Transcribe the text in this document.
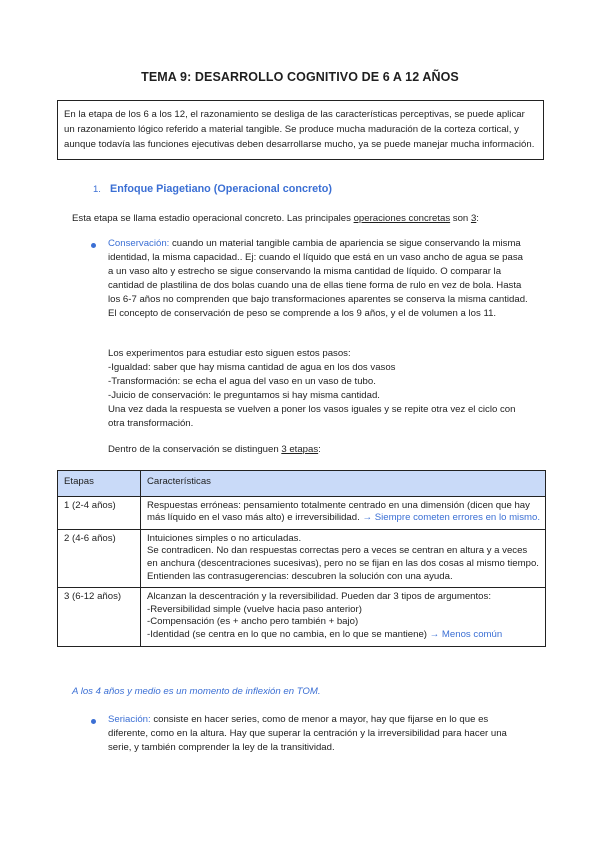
TEMA 9: DESARROLLO COGNITIVO DE 6 A 12 AÑOS
En la etapa de los 6 a los 12, el razonamiento se desliga de las características perceptivas, se puede aplicar un razonamiento lógico referido a material tangible. Se produce mucha maduración de la corteza cortical, y aunque todavía las funciones ejecutivas deben desarrollarse mucho, ya se puede manejar mucha información.
1. Enfoque Piagetiano (Operacional concreto)
Esta etapa se llama estadio operacional concreto. Las principales operaciones concretas son 3:
Conservación: cuando un material tangible cambia de apariencia se sigue conservando la misma identidad, la misma capacidad.. Ej: cuando el líquido que está en un vaso ancho de agua se pasa a un vaso alto y estrecho se sigue conservando la misma cantidad de líquido. O comparar la cantidad de plastilina de dos bolas cuando una de ellas tiene forma de rulo en vez de bola. Hasta los 6-7 años no comprenden que bajo transformaciones aparentes se conserva la misma cantidad. El concepto de conservación de peso se comprende a los 9 años, y el de volumen a los 11.
Los experimentos para estudiar esto siguen estos pasos:
-Igualdad: saber que hay misma cantidad de agua en los dos vasos
-Transformación: se echa el agua del vaso en un vaso de tubo.
-Juicio de conservación: le preguntamos si hay misma cantidad.
Una vez dada la respuesta se vuelven a poner los vasos iguales y se repite otra vez el ciclo con otra transformación.
Dentro de la conservación se distinguen 3 etapas:
Etapas	Características
1 (2-4 años)	Respuestas erróneas: pensamiento totalmente centrado en una dimensión (dicen que hay más líquido en el vaso más alto) e irreversibilidad. → Siempre cometen errores en lo mismo.
2 (4-6 años)	Intuiciones simples o no articuladas.
Se contradicen. No dan respuestas correctas pero a veces se centran en altura y a veces en anchura (descentraciones sucesivas), pero no se fijan en las dos cosas al mismo tiempo.
Entienden las contrasugerencias: descubren la solución con una ayuda.

3 (6-12 años)	Alcanzan la descentración y la reversibilidad. Pueden dar 3 tipos de argumentos:
-Reversibilidad simple (vuelve hacia paso anterior)
-Compensación (es + ancho pero también + bajo)
-Identidad (se centra en lo que no cambia, en lo que se mantiene) → Menos común
A los 4 años y medio es un momento de inflexión en TOM.
Seriación: consiste en hacer series, como de menor a mayor, hay que fijarse en lo que es diferente, como en la altura. Hay que superar la centración y la irreversibilidad para hacer una serie, y también comprender la ley de la transitividad.
